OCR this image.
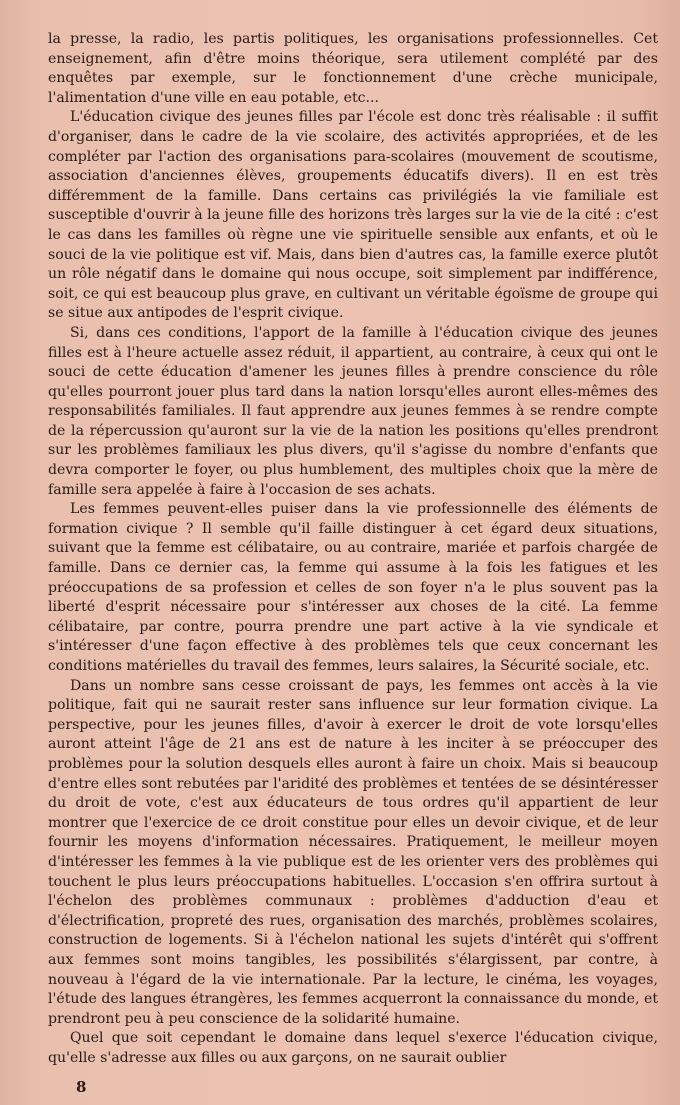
la presse, la radio, les partis politiques, les organisations professionnelles. Cet enseignement, afin d'être moins théorique, sera utilement complété par des enquêtes par exemple, sur le fonctionnement d'une crèche municipale, l'alimentation d'une ville en eau potable, etc...

L'éducation civique des jeunes filles par l'école est donc très réalisable : il suffit d'organiser, dans le cadre de la vie scolaire, des activités appropriées, et de les compléter par l'action des organisations para-scolaires (mouvement de scoutisme, association d'anciennes élèves, groupements éducatifs divers). Il en est très différemment de la famille. Dans certains cas privilégiés la vie familiale est susceptible d'ouvrir à la jeune fille des horizons très larges sur la vie de la cité : c'est le cas dans les familles où règne une vie spirituelle sensible aux enfants, et où le souci de la vie politique est vif. Mais, dans bien d'autres cas, la famille exerce plutôt un rôle négatif dans le domaine qui nous occupe, soit simplement par indifférence, soit, ce qui est beaucoup plus grave, en cultivant un véritable égoïsme de groupe qui se situe aux antipodes de l'esprit civique.

Si, dans ces conditions, l'apport de la famille à l'éducation civique des jeunes filles est à l'heure actuelle assez réduit, il appartient, au contraire, à ceux qui ont le souci de cette éducation d'amener les jeunes filles à prendre conscience du rôle qu'elles pourront jouer plus tard dans la nation lorsqu'elles auront elles-mêmes des responsabilités familiales. Il faut apprendre aux jeunes femmes à se rendre compte de la répercussion qu'auront sur la vie de la nation les positions qu'elles prendront sur les problèmes familiaux les plus divers, qu'il s'agisse du nombre d'enfants que devra comporter le foyer, ou plus humblement, des multiples choix que la mère de famille sera appelée à faire à l'occasion de ses achats.

Les femmes peuvent-elles puiser dans la vie professionnelle des éléments de formation civique ? Il semble qu'il faille distinguer à cet égard deux situations, suivant que la femme est célibataire, ou au contraire, mariée et parfois chargée de famille. Dans ce dernier cas, la femme qui assume à la fois les fatigues et les préoccupations de sa profession et celles de son foyer n'a le plus souvent pas la liberté d'esprit nécessaire pour s'intéresser aux choses de la cité. La femme célibataire, par contre, pourra prendre une part active à la vie syndicale et s'intéresser d'une façon effective à des problèmes tels que ceux concernant les conditions matérielles du travail des femmes, leurs salaires, la Sécurité sociale, etc.

Dans un nombre sans cesse croissant de pays, les femmes ont accès à la vie politique, fait qui ne saurait rester sans influence sur leur formation civique. La perspective, pour les jeunes filles, d'avoir à exercer le droit de vote lorsqu'elles auront atteint l'âge de 21 ans est de nature à les inciter à se préoccuper des problèmes pour la solution desquels elles auront à faire un choix. Mais si beaucoup d'entre elles sont rebutées par l'aridité des problèmes et tentées de se désintéresser du droit de vote, c'est aux éducateurs de tous ordres qu'il appartient de leur montrer que l'exercice de ce droit constitue pour elles un devoir civique, et de leur fournir les moyens d'information nécessaires. Pratiquement, le meilleur moyen d'intéresser les femmes à la vie publique est de les orienter vers des problèmes qui touchent le plus leurs préoccupations habituelles. L'occasion s'en offrira surtout à l'échelon des problèmes communaux : problèmes d'adduction d'eau et d'électrification, propreté des rues, organisation des marchés, problèmes scolaires, construction de logements. Si à l'échelon national les sujets d'intérêt qui s'offrent aux femmes sont moins tangibles, les possibilités s'élargissent, par contre, à nouveau à l'égard de la vie internationale. Par la lecture, le cinéma, les voyages, l'étude des langues étrangères, les femmes acquerront la connaissance du monde, et prendront peu à peu conscience de la solidarité humaine.

Quel que soit cependant le domaine dans lequel s'exerce l'éducation civique, qu'elle s'adresse aux filles ou aux garçons, on ne saurait oublier

8
